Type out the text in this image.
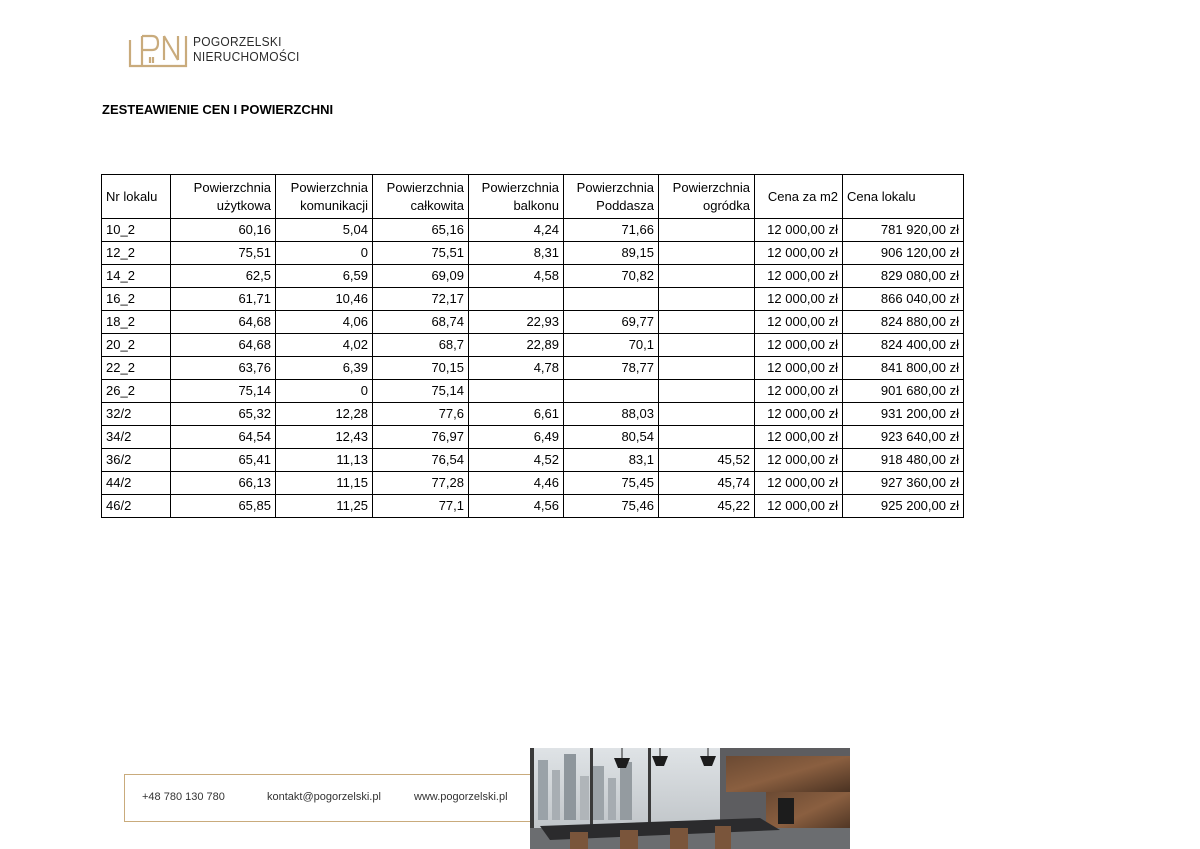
POGORZELSKI
NIERUCHOMOŚCI
ZESTEAWIENIE CEN I POWIERZCHNI
Nr lokalu	Powierzchnia użytkowa	Powierzchnia komunikacji	Powierzchnia całkowita	Powierzchnia balkonu	Powierzchnia Poddasza	Powierzchnia ogródka	Cena za m2	Cena lokalu
10_2	60,16	5,04	65,16	4,24	71,66		12 000,00 zł	781 920,00 zł
12_2	75,51	0	75,51	8,31	89,15		12 000,00 zł	906 120,00 zł
14_2	62,5	6,59	69,09	4,58	70,82		12 000,00 zł	829 080,00 zł
16_2	61,71	10,46	72,17				12 000,00 zł	866 040,00 zł
18_2	64,68	4,06	68,74	22,93	69,77		12 000,00 zł	824 880,00 zł
20_2	64,68	4,02	68,7	22,89	70,1		12 000,00 zł	824 400,00 zł
22_2	63,76	6,39	70,15	4,78	78,77		12 000,00 zł	841 800,00 zł
26_2	75,14	0	75,14				12 000,00 zł	901 680,00 zł
32/2	65,32	12,28	77,6	6,61	88,03		12 000,00 zł	931 200,00 zł
34/2	64,54	12,43	76,97	6,49	80,54		12 000,00 zł	923 640,00 zł
36/2	65,41	11,13	76,54	4,52	83,1	45,52	12 000,00 zł	918 480,00 zł
44/2	66,13	11,15	77,28	4,46	75,45	45,74	12 000,00 zł	927 360,00 zł
46/2	65,85	11,25	77,1	4,56	75,46	45,22	12 000,00 zł	925 200,00 zł
+48 780 130 780	kontakt@pogorzelski.pl	www.pogorzelski.pl
